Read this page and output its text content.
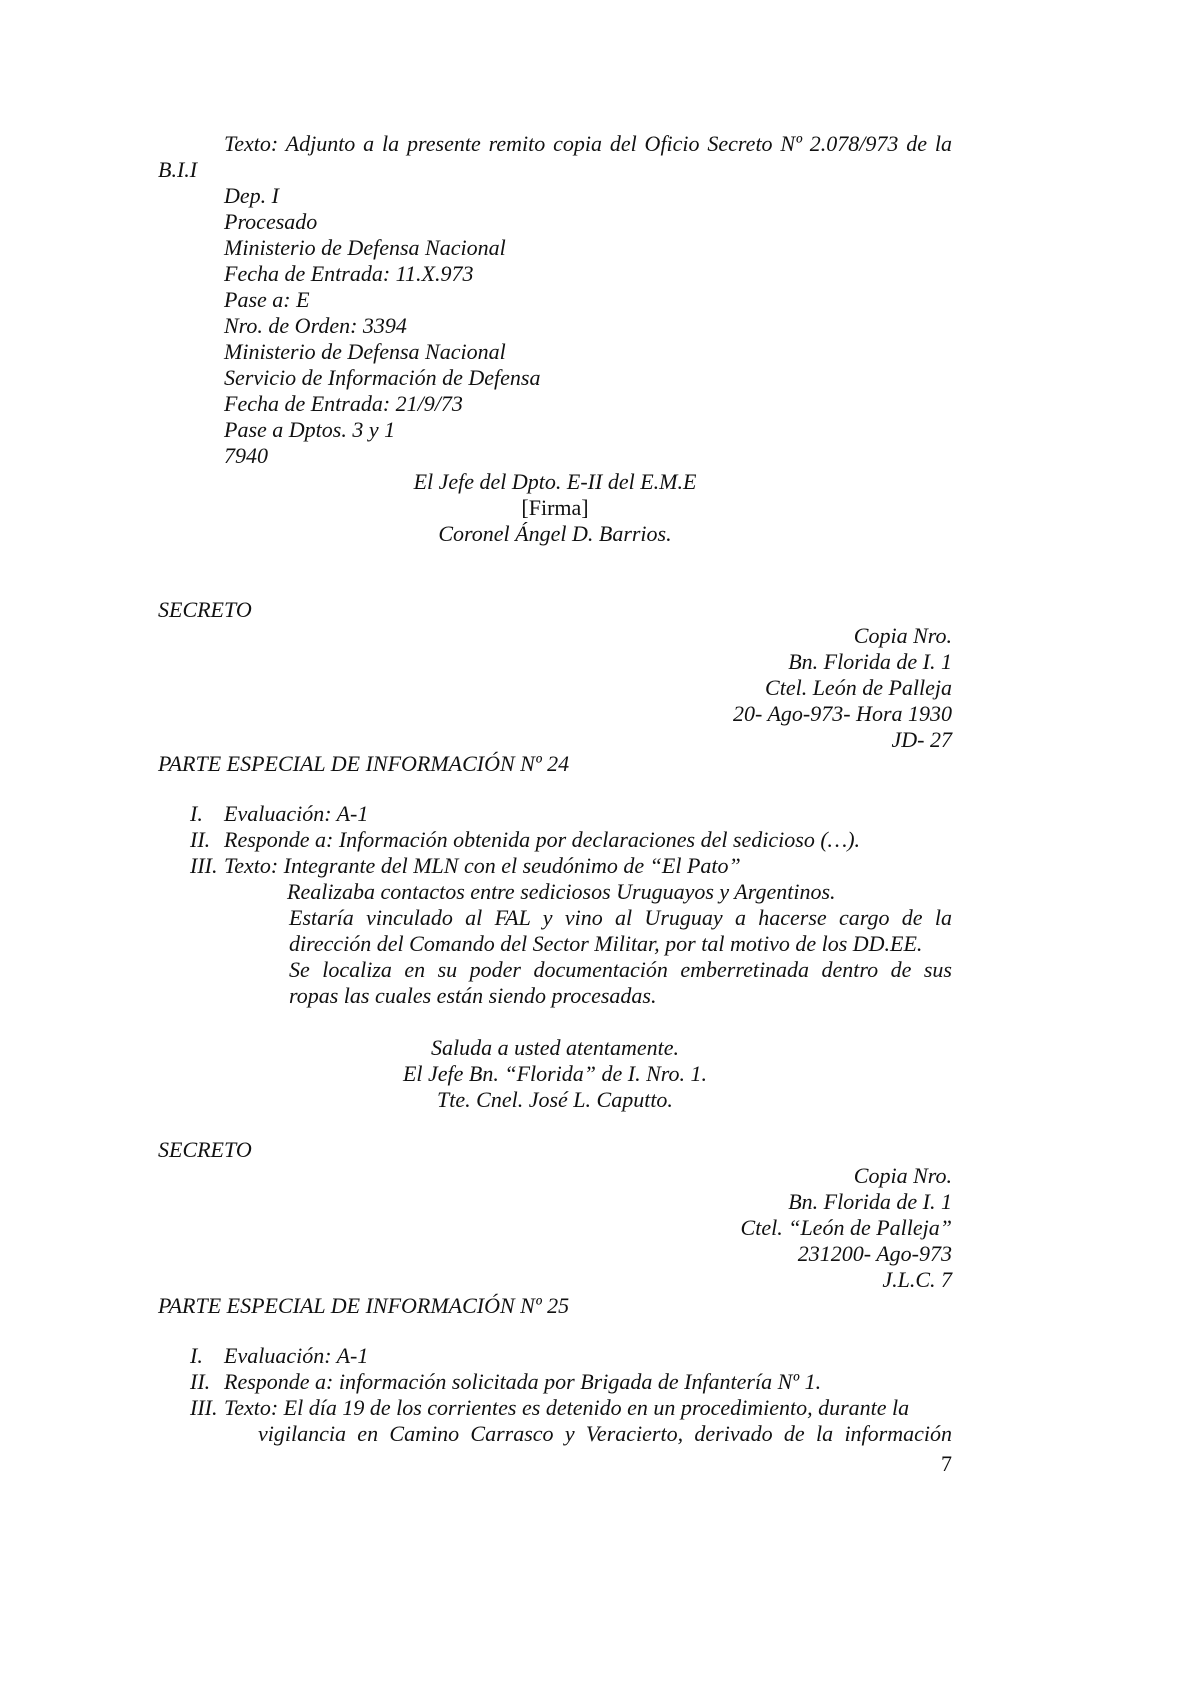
Texto: Adjunto a la presente remito copia del Oficio Secreto Nº 2.078/973 de la

B.I.I

Dep. I

Procesado

Ministerio de Defensa Nacional

Fecha de Entrada: 11.X.973

Pase a: E

Nro. de Orden: 3394

Ministerio de Defensa Nacional

Servicio de Información de Defensa

Fecha de Entrada: 21/9/73

Pase a Dptos. 3 y 1

7940

El Jefe del Dpto. E-II del E.M.E

[Firma]

Coronel Ángel D. Barrios.

SECRETO

Copia Nro.

Bn. Florida de I. 1

Ctel. León de Palleja

20- Ago-973- Hora 1930

JD- 27

PARTE ESPECIAL DE INFORMACIÓN Nº 24

I. Evaluación: A-1

II. Responde a: Información obtenida por declaraciones del sedicioso (…).

III. Texto: Integrante del MLN con el seudónimo de “El Pato”

Realizaba contactos entre sediciosos Uruguayos y Argentinos.

Estaría vinculado al FAL y vino al Uruguay a hacerse cargo de la

dirección del Comando del Sector Militar, por tal motivo de los DD.EE.

Se localiza en su poder documentación emberretinada dentro de sus

ropas las cuales están siendo procesadas.

Saluda a usted atentamente.

El Jefe Bn. “Florida” de I. Nro. 1.

Tte. Cnel. José L. Caputto.

SECRETO

Copia Nro.

Bn. Florida de I. 1

Ctel. “León de Palleja”

231200- Ago-973

J.L.C. 7

PARTE ESPECIAL DE INFORMACIÓN Nº 25

I. Evaluación: A-1

II. Responde a: información solicitada por Brigada de Infantería Nº 1.

III. Texto: El día 19 de los corrientes es detenido en un procedimiento, durante la

vigilancia en Camino Carrasco y Veracierto, derivado de la información

7
